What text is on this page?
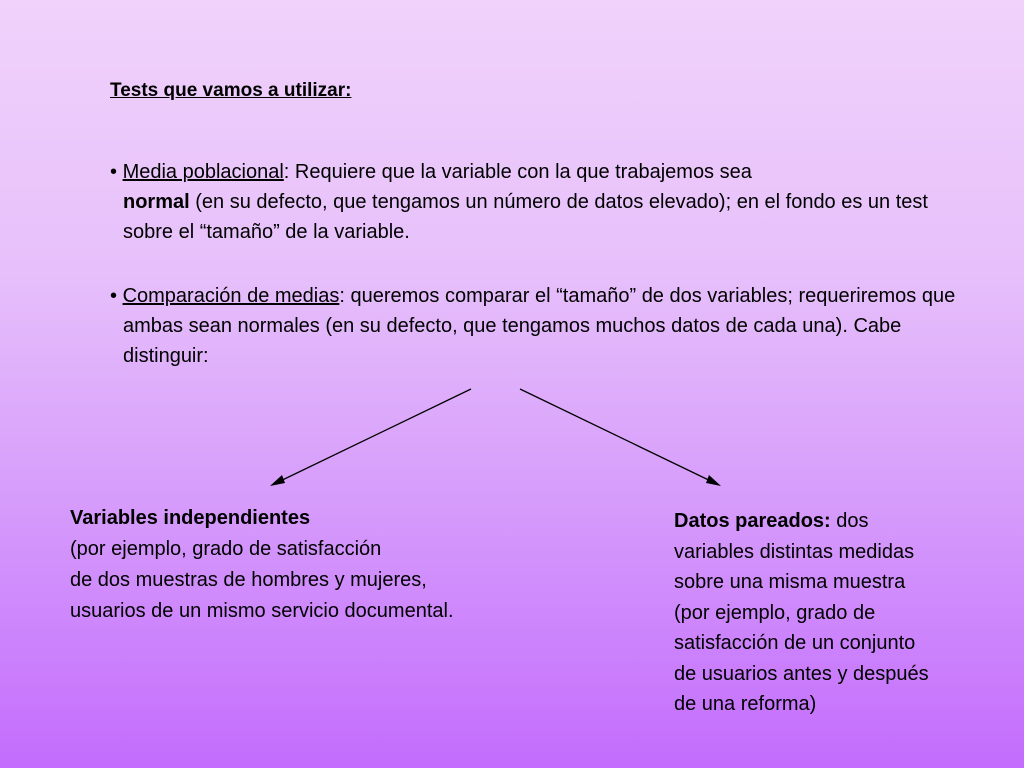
Tests que vamos a utilizar:
• Media poblacional: Requiere que la variable con la que trabajemos sea
normal (en su defecto, que tengamos un número de datos elevado); en el fondo es un test sobre el “tamaño” de la variable.
• Comparación de medias: queremos comparar el “tamaño” de dos variables; requeriremos que ambas sean normales (en su defecto, que tengamos muchos datos de cada una). Cabe distinguir:
Variables independientes
(por ejemplo, grado de satisfacción
de dos muestras de hombres y mujeres,
usuarios de un mismo servicio documental.
Datos pareados: dos
variables distintas medidas
sobre una misma muestra
(por ejemplo, grado de
satisfacción de un conjunto
de usuarios antes y después
de una reforma)
